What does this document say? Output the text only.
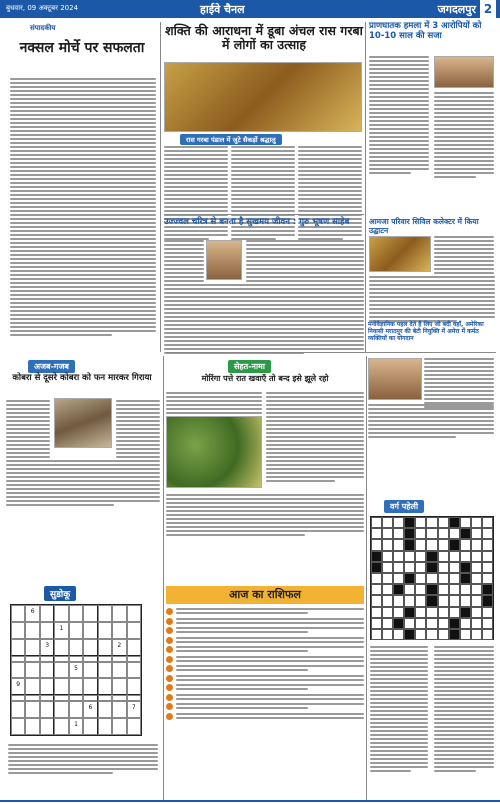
बुधवार, 09 अक्टूबर 2024	हाईवे चैनल	जगदलपुर 2
संपादकीय
नक्सल मोर्चे पर सफलता
शक्ति की आराधना में डूबा अंचल रास गरबा में लोगों का उत्साह
रास गरबा पंडाल में जुटे सैकड़ों श्रद्धालु
प्राणघातक हमला में 3 आरोपियों को 10-10 साल की सजा
उज्ज्वल चरित्र से बनता है सुखमय जीवन : गुरु भूषण साहेब	आमजा परिवार सिविल कलेक्टर में किया उद्घाटन
मनोवैज्ञानिक पहल देते हैं लिए जो बदी वहाँ, अमेरिका निवासी मराठपुर की बेटी नियुक्ति में अमेरा में कर्मठ व्यक्तियों का योगदान
अजब-गजब
कोबरा से दूसरे कोबरा को फन मारकर गिराया
सेहत-नामा
मोरिंगा पत्ते रात खवाएँ तो बन्द इसे झूले रहो
वर्ग पहेली
सुडोकू
6
1
3	2
5
9
6	7
1
आज का राशिफल
